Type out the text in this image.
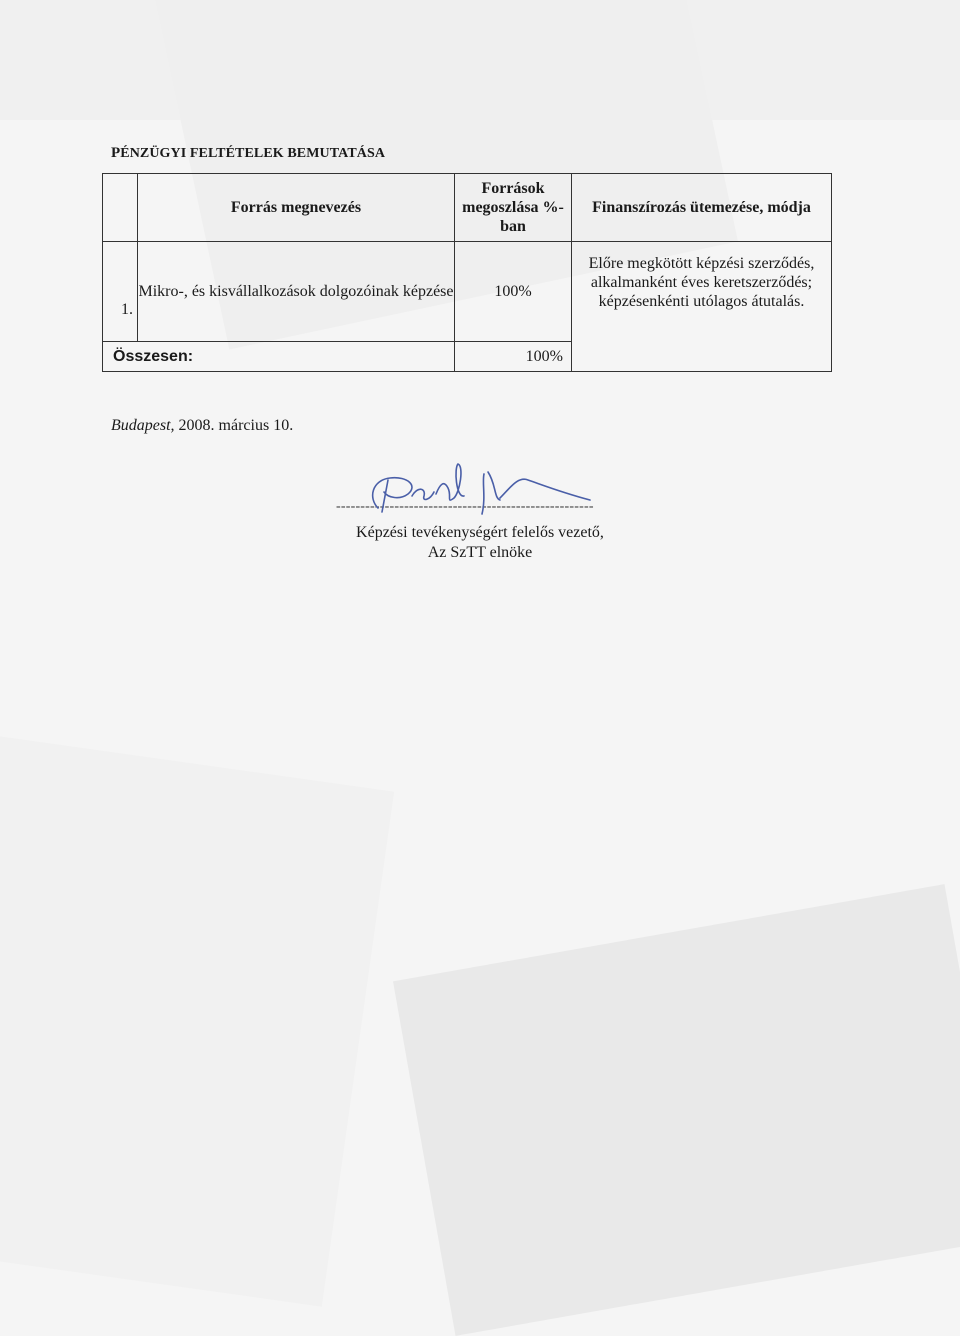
PÉNZÜGYI FELTÉTELEK BEMUTATÁSA
	Forrás megnevezés	Források megoszlása %-ban	Finanszírozás ütemezése, módja
1.	Mikro-, és kisvállalkozások dolgozóinak képzése	100%	Előre megkötött képzési szerződés, alkalmanként éves keretszerződés; képzésenkénti utólagos átutalás.
Összesen:		100%	
Budapest, 2008. március 10.
-----------------------------------------------------
Képzési tevékenységért felelős vezető,
Az SzTT elnöke
